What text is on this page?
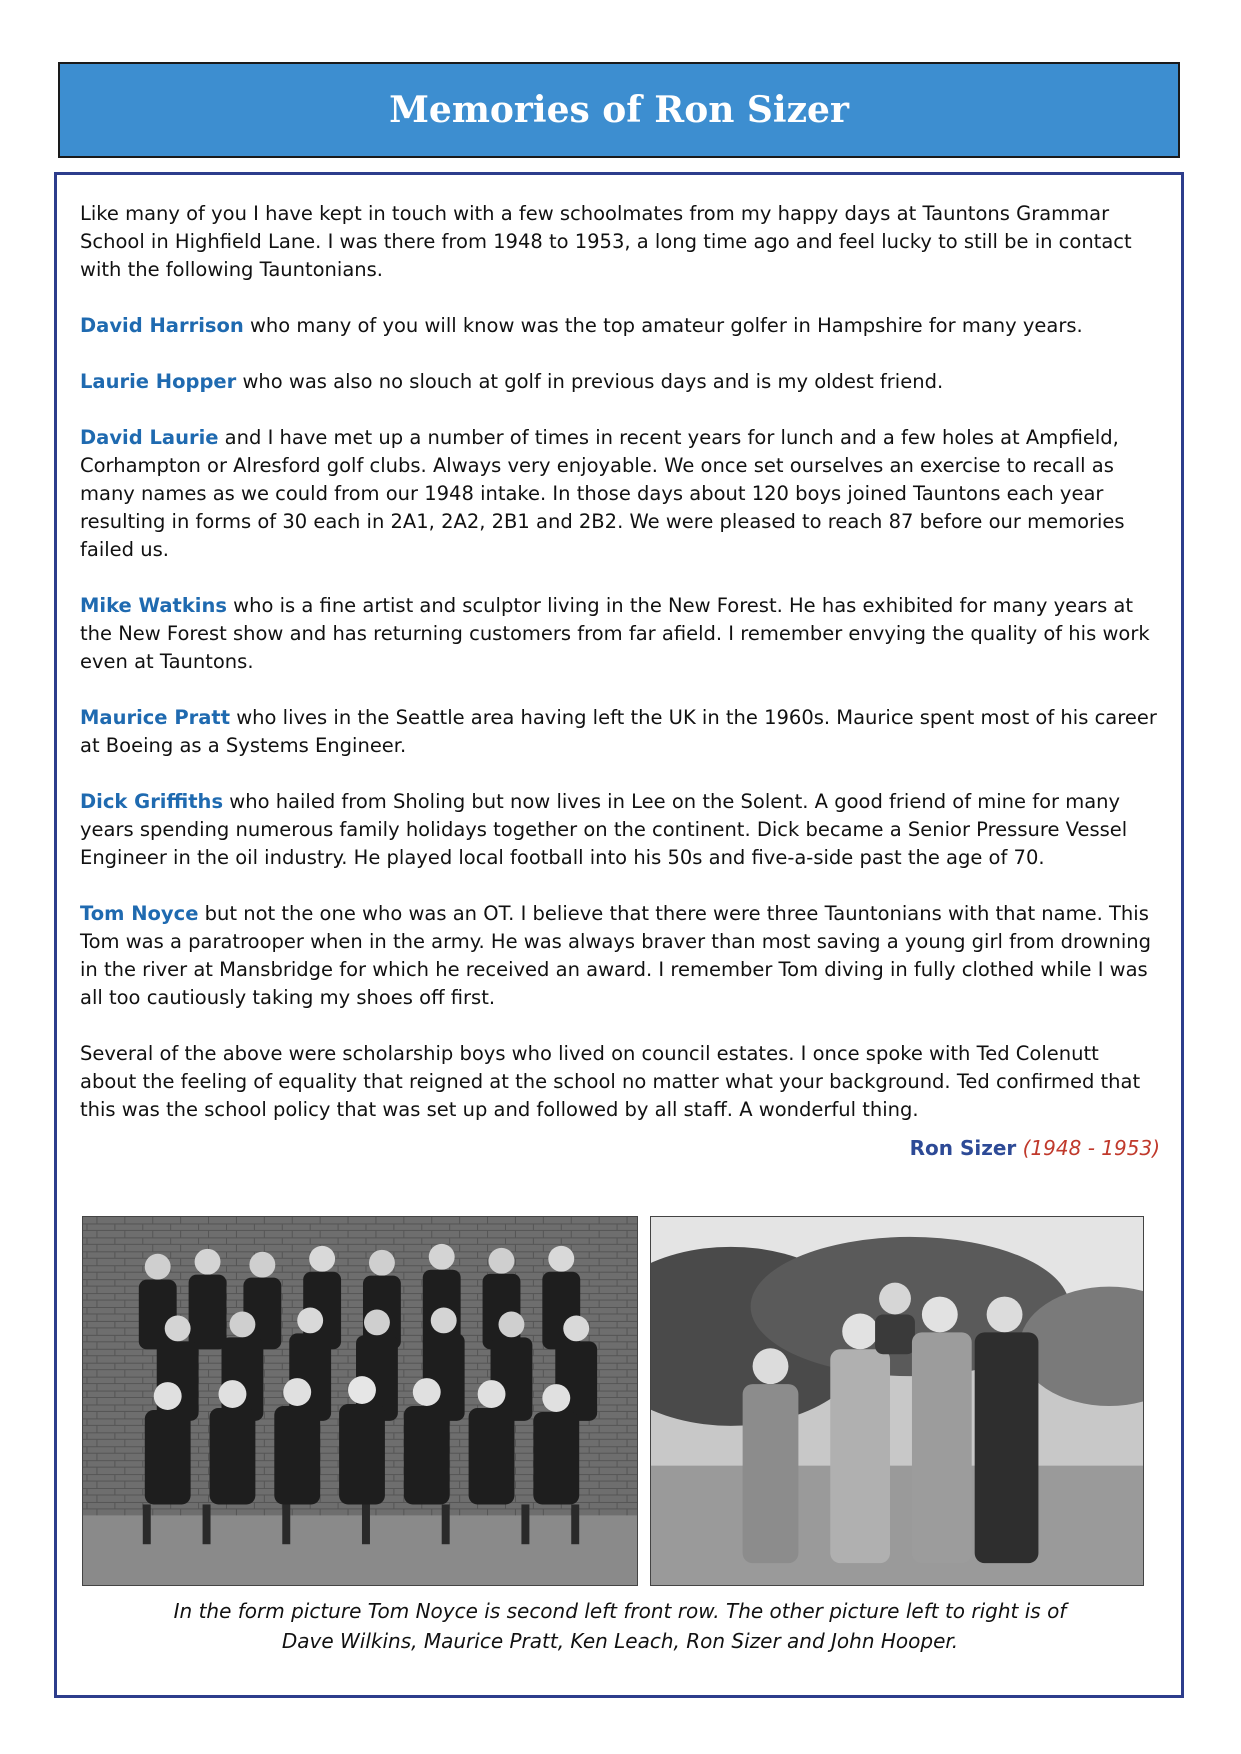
Memories of Ron Sizer

Like many of you I have kept in touch with a few schoolmates from my happy days at Tauntons Grammar School in Highfield Lane. I was there from 1948 to 1953, a long time ago and feel lucky to still be in contact with the following Tauntonians.

David Harrison who many of you will know was the top amateur golfer in Hampshire for many years.

Laurie Hopper who was also no slouch at golf in previous days and is my oldest friend.

David Laurie and I have met up a number of times in recent years for lunch and a few holes at Ampfield, Corhampton or Alresford golf clubs. Always very enjoyable. We once set ourselves an exercise to recall as many names as we could from our 1948 intake. In those days about 120 boys joined Tauntons each year resulting in forms of 30 each in 2A1, 2A2, 2B1 and 2B2. We were pleased to reach 87 before our memories failed us.

Mike Watkins who is a fine artist and sculptor living in the New Forest. He has exhibited for many years at the New Forest show and has returning customers from far afield. I remember envying the quality of his work even at Tauntons.

Maurice Pratt who lives in the Seattle area having left the UK in the 1960s. Maurice spent most of his career at Boeing as a Systems Engineer.

Dick Griffiths who hailed from Sholing but now lives in Lee on the Solent. A good friend of mine for many years spending numerous family holidays together on the continent. Dick became a Senior Pressure Vessel Engineer in the oil industry. He played local football into his 50s and five-a-side past the age of 70.

Tom Noyce but not the one who was an OT. I believe that there were three Tauntonians with that name. This Tom was a paratrooper when in the army. He was always braver than most saving a young girl from drowning in the river at Mansbridge for which he received an award. I remember Tom diving in fully clothed while I was all too cautiously taking my shoes off first.

Several of the above were scholarship boys who lived on council estates. I once spoke with Ted Colenutt about the feeling of equality that reigned at the school no matter what your background. Ted confirmed that this was the school policy that was set up and followed by all staff. A wonderful thing.

Ron Sizer (1948 - 1953)

In the form picture Tom Noyce is second left front row. The other picture left to right is of
Dave Wilkins, Maurice Pratt, Ken Leach, Ron Sizer and John Hooper.
